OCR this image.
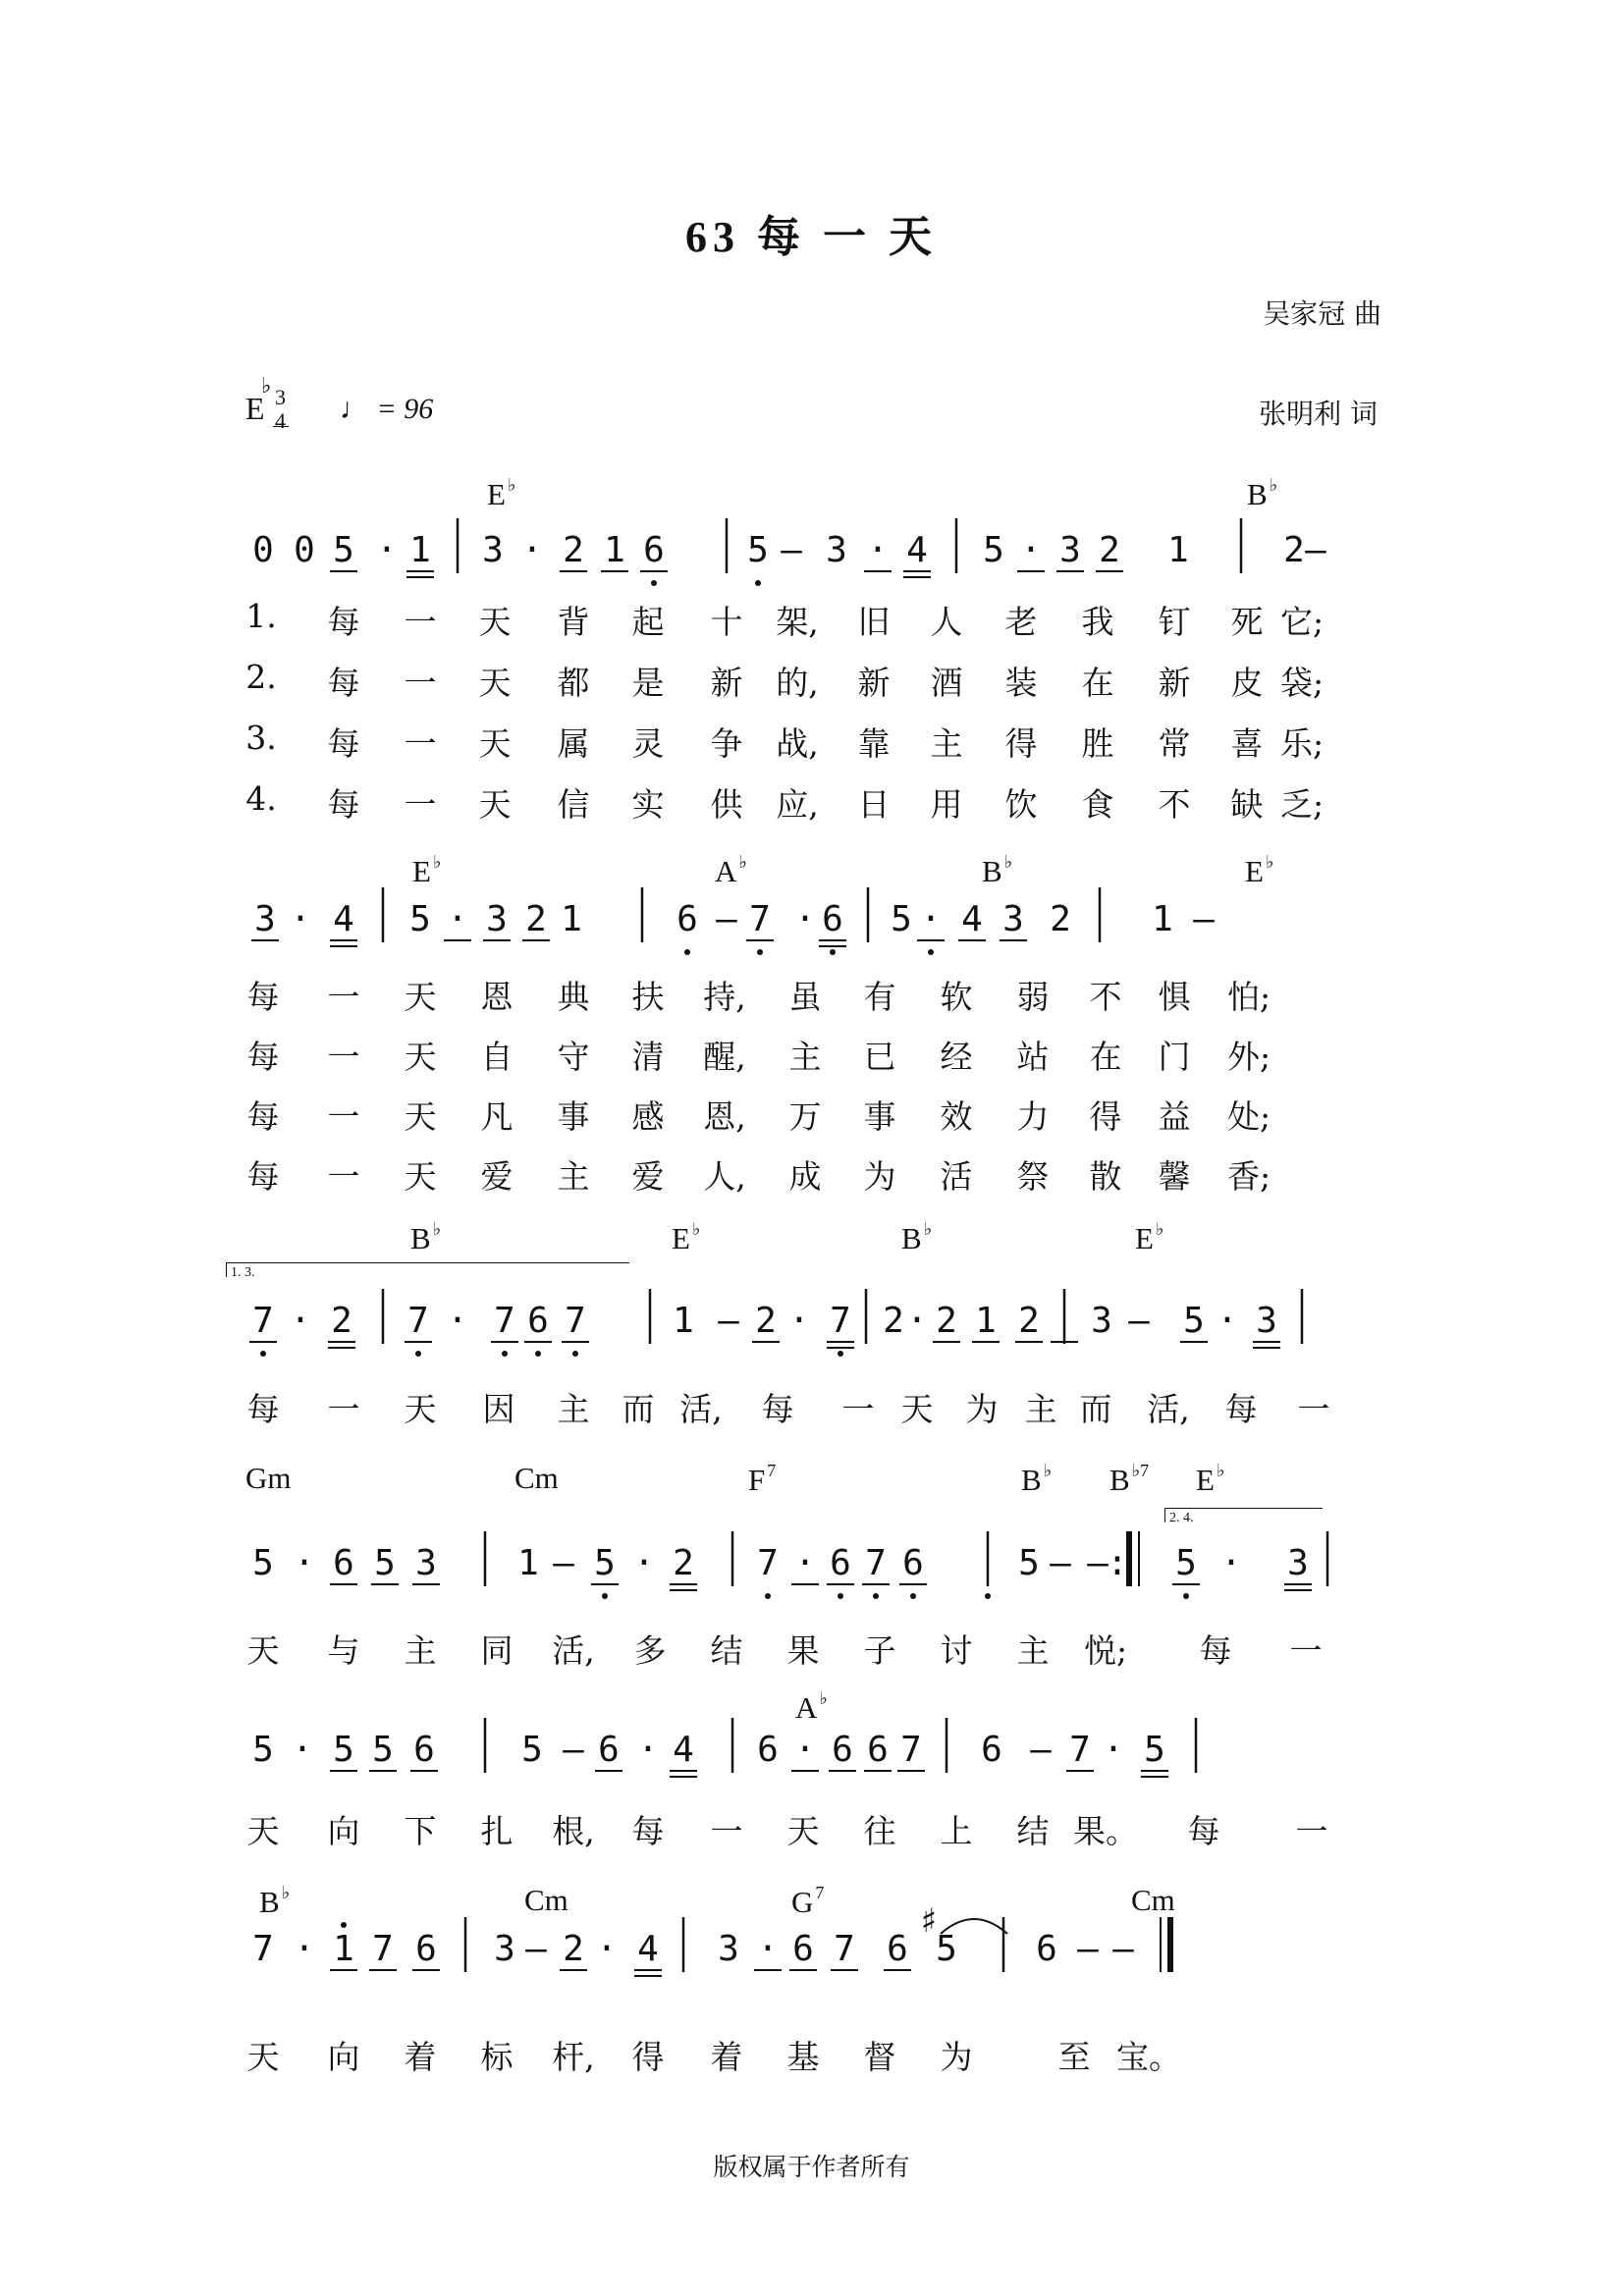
63 每 一 天
吴家冠 曲
张明利 词
E
♭ 3
4 ♩ = 96
E ♭	B ♭
E ♭	A ♭	B ♭	E ♭
B ♭	E ♭	B ♭	E ♭
Gm	Cm	F $^7$	B ♭ B $^{♭7}$ E ♭
A ♭
B ♭	Cm	G $^7$	Cm
1. 3.
2. 4.
0 0 5 · 1 3 · 2 1 6 5 – 3 · 4 5 · 3 2 1	2 –
3 · 4 5 · 3 2 1	6 – 7 · 6 5 · 4 3 2 1 –
7 · 2 7 · 7 6 7 1 – 2 · 7 2 · 2 1 2 3 – 5 · 3
5 · 6 5 3 1 – 5 · 2 7 · 6 7 6	5 – –
: 5 · 3
5 · 5 5 6 5 – 6 · 4 6 · 6 6 7 6 – 7 · 5
7 · 1 7 6 3 – 2 · 4 3 · 6 7 6
♯
5 6 – –
1. 每 一 天 背 起 十 架, 旧 人 老 我 钉 死 它;
2. 每 一 天 都 是 新 的, 新 酒 装 在 新 皮 袋;
3. 每 一 天 属 灵 争 战, 靠 主 得 胜 常 喜 乐;
4. 每 一 天 信 实 供 应, 日 用 饮 食 不 缺 乏;
每 一 天 恩 典 扶 持, 虽 有 软 弱 不 惧 怕;
每 一 天 自 守 清 醒, 主 已 经 站 在 门 外;
每 一 天 凡 事 感 恩, 万 事 效 力 得 益 处;
每 一 天 爱 主 爱 人, 成 为 活 祭 散 馨 香;
每 一 天 因 主 而 活, 每 一 天 为 主 而 活, 每 一
天 与 主 同 活, 多 结 果 子 讨 主 悦; 每 一
天 向 下 扎 根, 每 一 天 往 上 结 果。 每 一
天 向 着 标 杆, 得 着 基 督 为	至 宝。
版权属于作者所有
